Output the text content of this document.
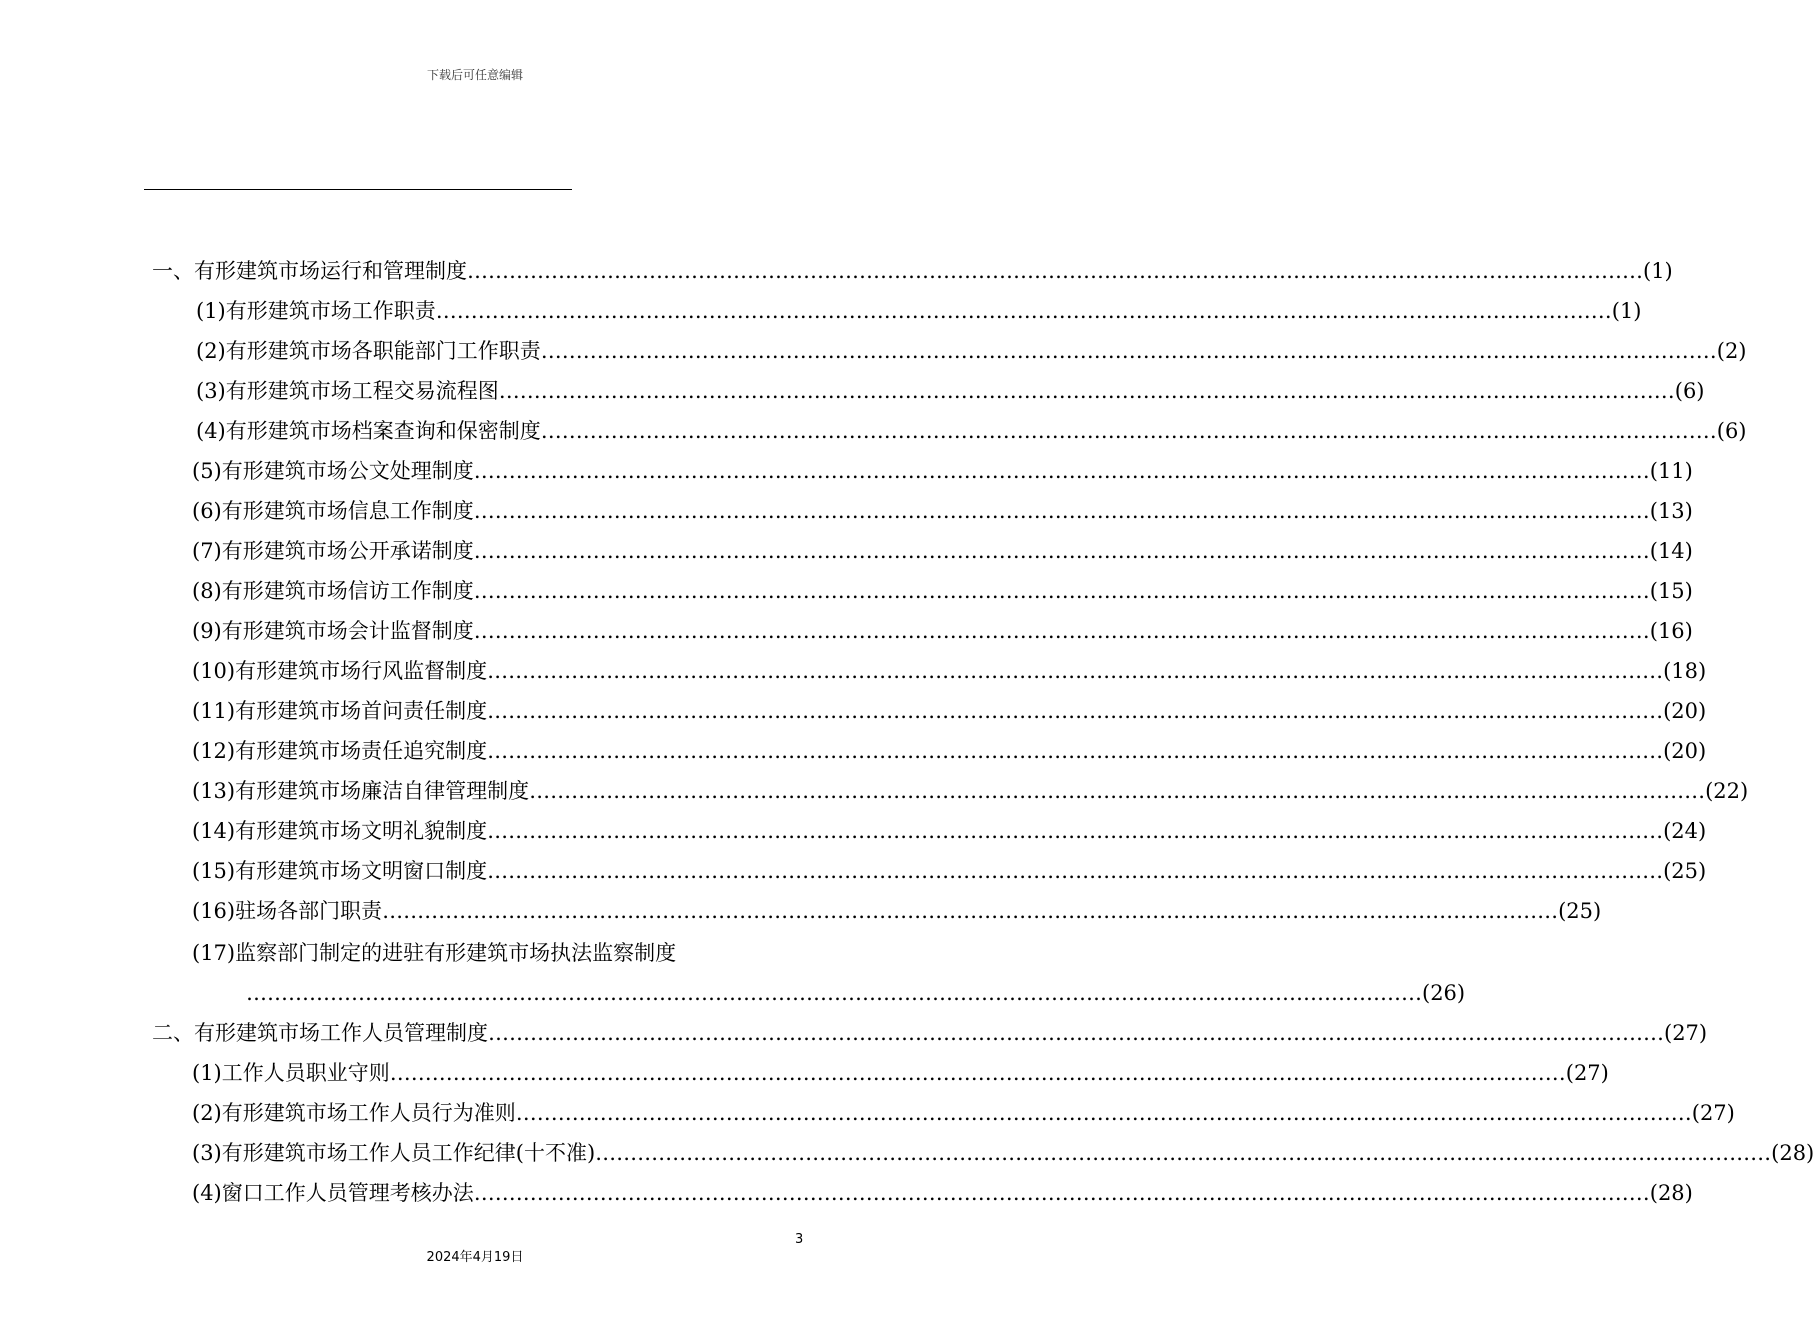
下载后可任意编辑
一、有形建筑市场运行和管理制度 …………………………………………………………………………………………………………………………………………………… (1)
(1)有形建筑市场工作职责 …………………………………………………………………………………………………………………………………………………… (1)
(2)有形建筑市场各职能部门工作职责 …………………………………………………………………………………………………………………………………………………… (2)
(3)有形建筑市场工程交易流程图 …………………………………………………………………………………………………………………………………………………… (6)
(4)有形建筑市场档案查询和保密制度 …………………………………………………………………………………………………………………………………………………… (6)
(5)有形建筑市场公文处理制度 …………………………………………………………………………………………………………………………………………………… (11)
(6)有形建筑市场信息工作制度 …………………………………………………………………………………………………………………………………………………… (13)
(7)有形建筑市场公开承诺制度 …………………………………………………………………………………………………………………………………………………… (14)
(8)有形建筑市场信访工作制度 …………………………………………………………………………………………………………………………………………………… (15)
(9)有形建筑市场会计监督制度 …………………………………………………………………………………………………………………………………………………… (16)
(10)有形建筑市场行风监督制度 …………………………………………………………………………………………………………………………………………………… (18)
(11)有形建筑市场首问责任制度 …………………………………………………………………………………………………………………………………………………… (20)
(12)有形建筑市场责任追究制度 …………………………………………………………………………………………………………………………………………………… (20)
(13)有形建筑市场廉洁自律管理制度 …………………………………………………………………………………………………………………………………………………… (22)
(14)有形建筑市场文明礼貌制度 …………………………………………………………………………………………………………………………………………………… (24)
(15)有形建筑市场文明窗口制度 …………………………………………………………………………………………………………………………………………………… (25)
(16)驻场各部门职责 …………………………………………………………………………………………………………………………………………………… (25)
(17)监察部门制定的进驻有形建筑市场执法监察制度
…………………………………………………………………………………………………………………………………………………… (26)
二、有形建筑市场工作人员管理制度 …………………………………………………………………………………………………………………………………………………… (27)
(1)工作人员职业守则 …………………………………………………………………………………………………………………………………………………… (27)
(2)有形建筑市场工作人员行为准则 …………………………………………………………………………………………………………………………………………………… (27)
(3)有形建筑市场工作人员工作纪律(十不准) …………………………………………………………………………………………………………………………………………………… (28)
(4)窗口工作人员管理考核办法 …………………………………………………………………………………………………………………………………………………… (28)
3
2024年4月19日
